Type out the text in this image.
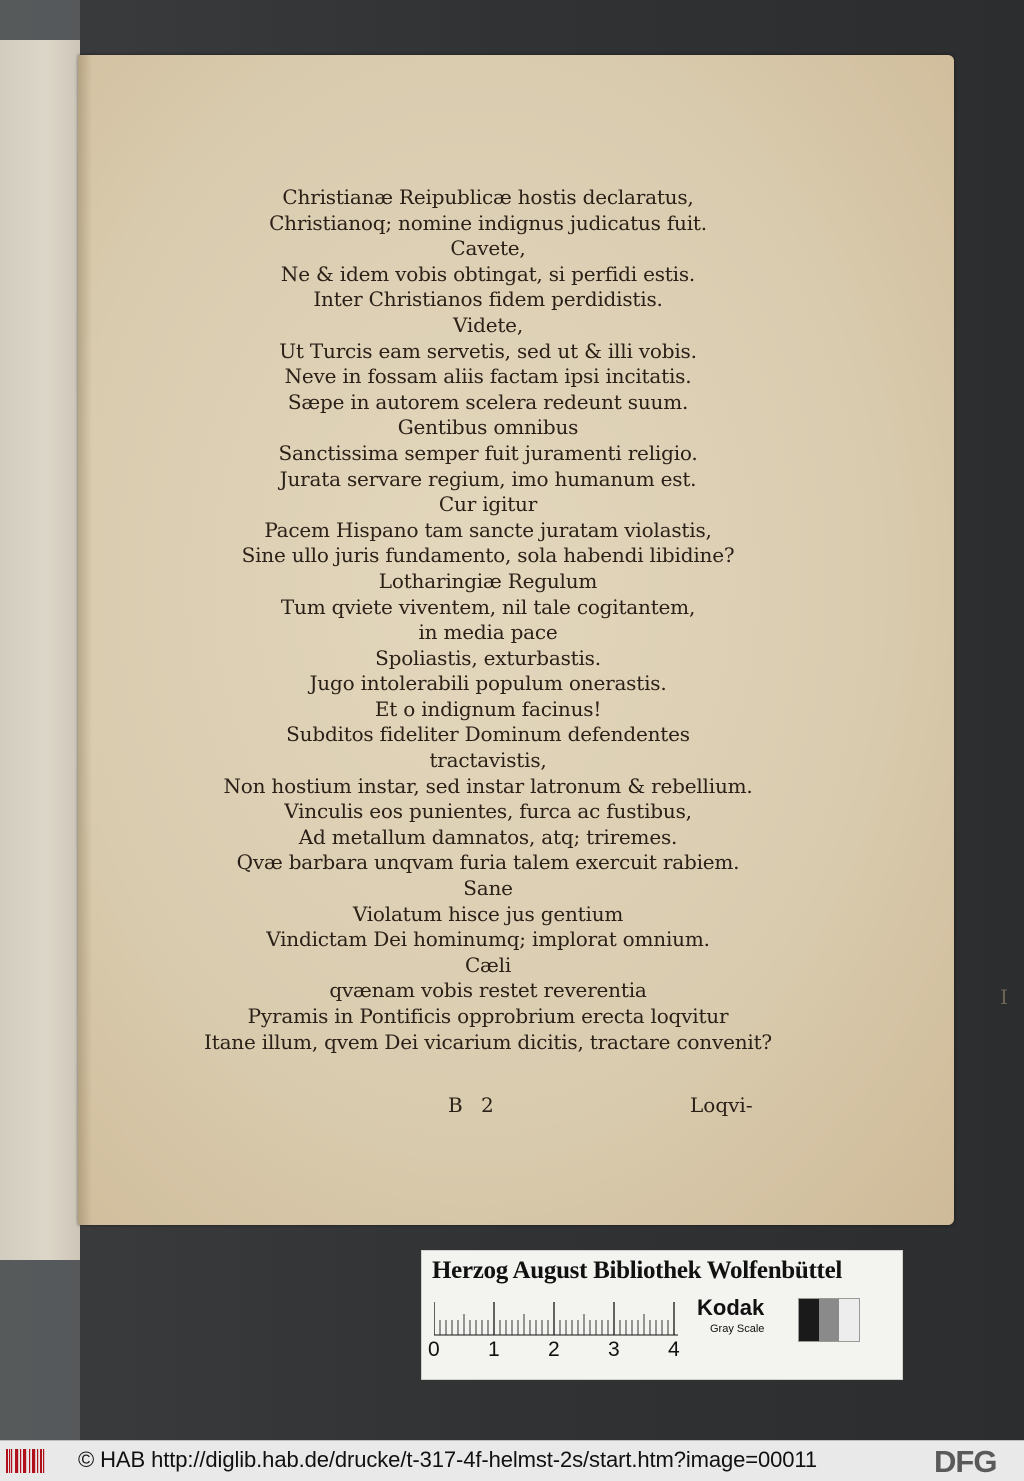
Christianæ Reipublicæ hostis declaratus,
Christianoq; nomine indignus judicatus fuit.
Cavete,
Ne & idem vobis obtingat, si perfidi estis.
Inter Christianos fidem perdidistis.
Videte,
Ut Turcis eam servetis, sed ut & illi vobis.
Neve in fossam aliis factam ipsi incitatis.
Sæpe in autorem scelera redeunt suum.
Gentibus omnibus
Sanctissima semper fuit juramenti religio.
Jurata servare regium, imo humanum est.
Cur igitur
Pacem Hispano tam sancte juratam violastis,
Sine ullo juris fundamento, sola habendi libidine?
Lotharingiæ Regulum
Tum qviete viventem, nil tale cogitantem,
in media pace
Spoliastis, exturbastis.
Jugo intolerabili populum onerastis.
Et o indignum facinus!
Subditos fideliter Dominum defendentes
tractavistis,
Non hostium instar, sed instar latronum & rebellium.
Vinculis eos punientes, furca ac fustibus,
Ad metallum damnatos, atq; triremes.
Qvæ barbara unqvam furia talem exercuit rabiem.
Sane
Violatum hisce jus gentium
Vindictam Dei hominumq; implorat omnium.
Cæli
qvænam vobis restet reverentia
Pyramis in Pontificis opprobrium erecta loqvitur
Itane illum, qvem Dei vicarium dicitis, tractare convenit?
B 2	Loqvi-
I
Herzog August Bibliothek Wolfenbüttel
0 1 2 3 4
Kodak
Gray Scale
© HAB http://diglib.hab.de/drucke/t-317-4f-helmst-2s/start.htm?image=00011	DFG
